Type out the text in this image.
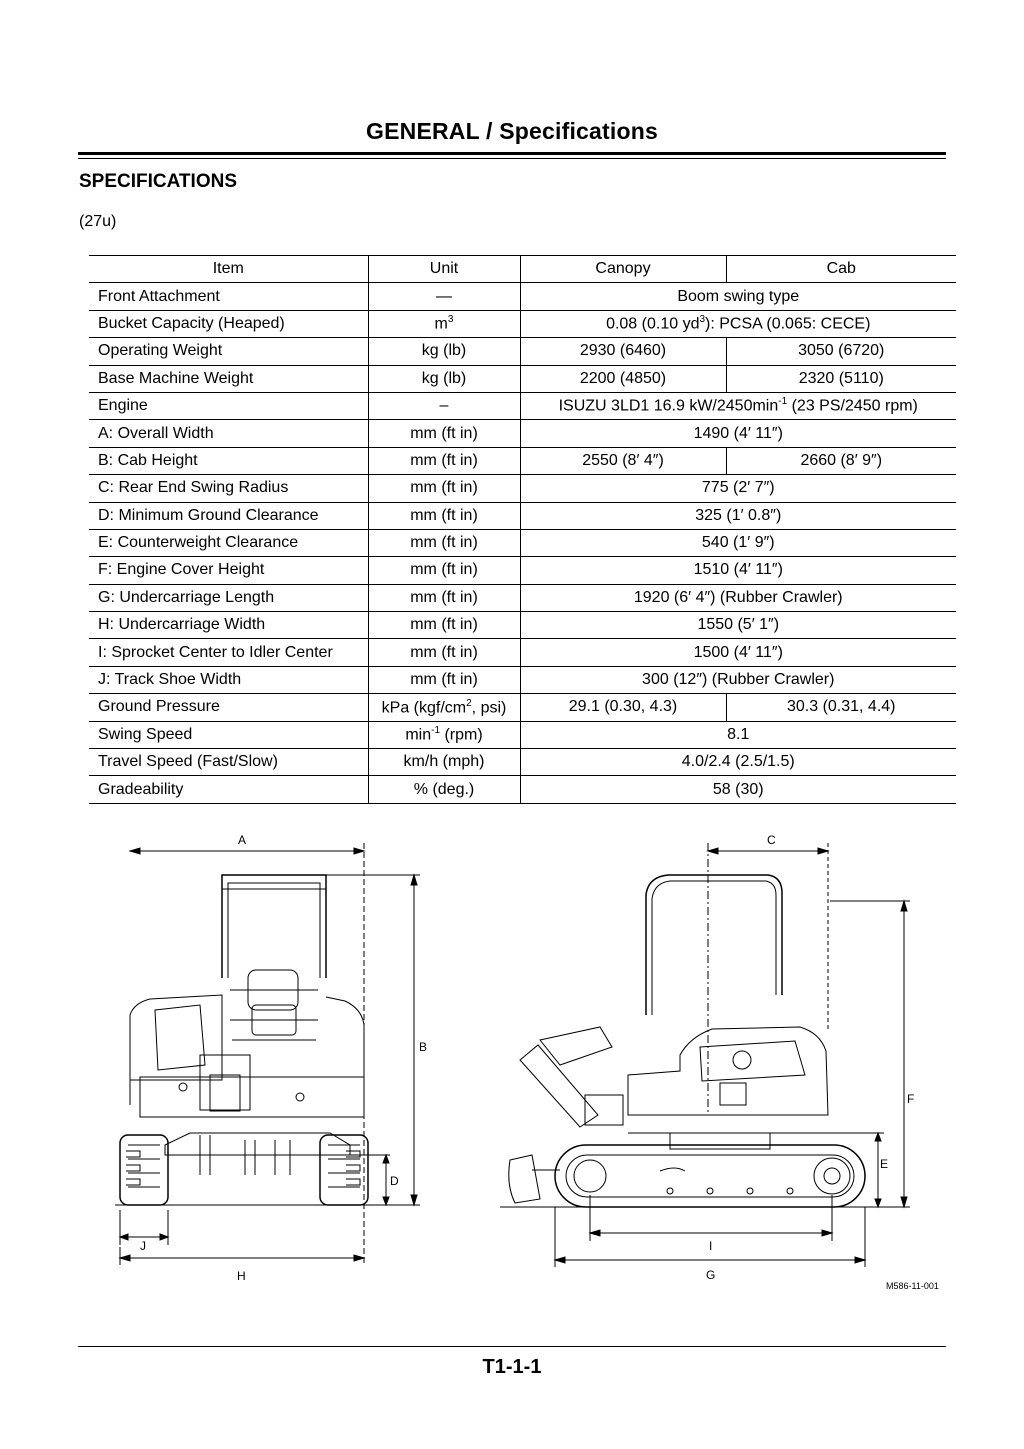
GENERAL / Specifications
SPECIFICATIONS
(27u)
Item	Unit	Canopy	Cab
Front Attachment	—	Boom swing type	
Bucket Capacity (Heaped)	$m^3$	0.08 (0.10 $yd^3$): PCSA (0.065: CECE)	
Operating Weight	kg (lb)	2930 (6460)	3050 (6720)
Base Machine Weight	kg (lb)	2200 (4850)	2320 (5110)
Engine	–	ISUZU 3LD1 16.9 $kW/2450\min^{-1}$ (23 PS/2450 rpm)	
A: Overall Width	mm (ft in)	1490 (4′ 11″)	
B: Cab Height	mm (ft in)	2550 (8′ 4″)	2660 (8′ 9″)
C: Rear End Swing Radius	mm (ft in)	775 (2′ 7″)	
D: Minimum Ground Clearance	mm (ft in)	325 (1′ 0.8″)	
E: Counterweight Clearance	mm (ft in)	540 (1′ 9″)	
F: Engine Cover Height	mm (ft in)	1510 (4′ 11″)	
G: Undercarriage Length	mm (ft in)	1920 (6′ 4″) (Rubber Crawler)	
H: Undercarriage Width	mm (ft in)	1550 (5′ 1″)	
I: Sprocket Center to Idler Center	mm (ft in)	1500 (4′ 11″)	
J: Track Shoe Width	mm (ft in)	300 (12″) (Rubber Crawler)	
Ground Pressure	kPa ($kgf/cm^2$, psi)	29.1 (0.30, 4.3)	30.3 (0.31, 4.4)
Swing Speed	$\min^{-1} (rpm)$	8.1	
Travel Speed (Fast/Slow)	km/h (mph)	4.0/2.4 (2.5/1.5)	
Gradeability	% (deg.)	58 (30)	
A
B
C
D
E
F
G
H
I
J
M586-11-001
T1-1-1
